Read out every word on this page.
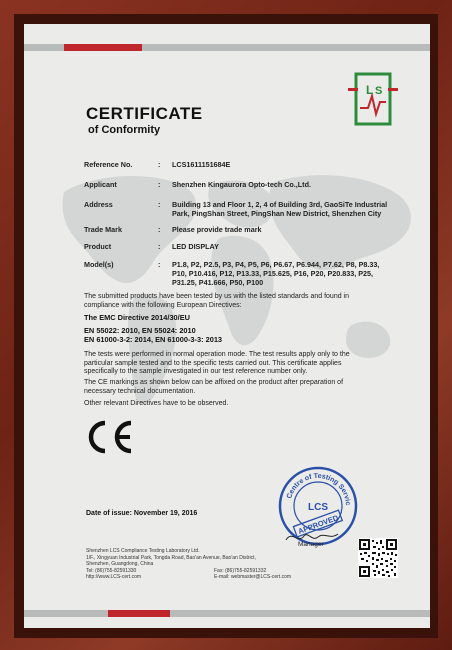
L S
CERTIFICATE
of Conformity
Reference No.	: LCS1611151684E
Applicant	: Shenzhen Kingaurora Opto-tech Co.,Ltd.
Address	: Building 13 and Floor 1, 2, 4 of Building 3rd, GaoSiTe Industrial Park, PingShan Street, PingShan New District, Shenzhen City
Trade Mark	: Please provide trade mark
Product	: LED DISPLAY
Model(s)	: P1.8, P2, P2.5, P3, P4, P5, P6, P6.67, P6.944, P7.62, P8, P8.33, P10, P10.416, P12, P13.33, P15.625, P16, P20, P20.833, P25, P31.25, P41.666, P50, P100
The submitted products have been tested by us with the listed standards and found in compliance with the following European Directives:
The EMC Directive 2014/30/EU
EN 55022: 2010, EN 55024: 2010
EN 61000-3-2: 2014, EN 61000-3-3: 2013
The tests were performed in normal operation mode. The test results apply only to the particular sample tested and to the specific tests carried out. This certificate applies specifically to the sample investigated in our test reference number only.
The CE markings as shown below can be affixed on the product after preparation of necessary technical documentation.
Other relevant Directives have to be observed.
Date of issue: November 19, 2016
Centre of Testing Servic
LCS
APPROVED
Manager
Shenzhen LCS Compliance Testing Laboratory Ltd.
1/F., Xingyuan Industrial Park, Tongda Road, Bao'an Avenue, Bao'an District,
Shenzhen, Guangdong, China
Tel: (86)755-82591330	Fax: (86)755-82591332
http://www.LCS-cert.com	E-mail: webmaster@LCS-cert.com
